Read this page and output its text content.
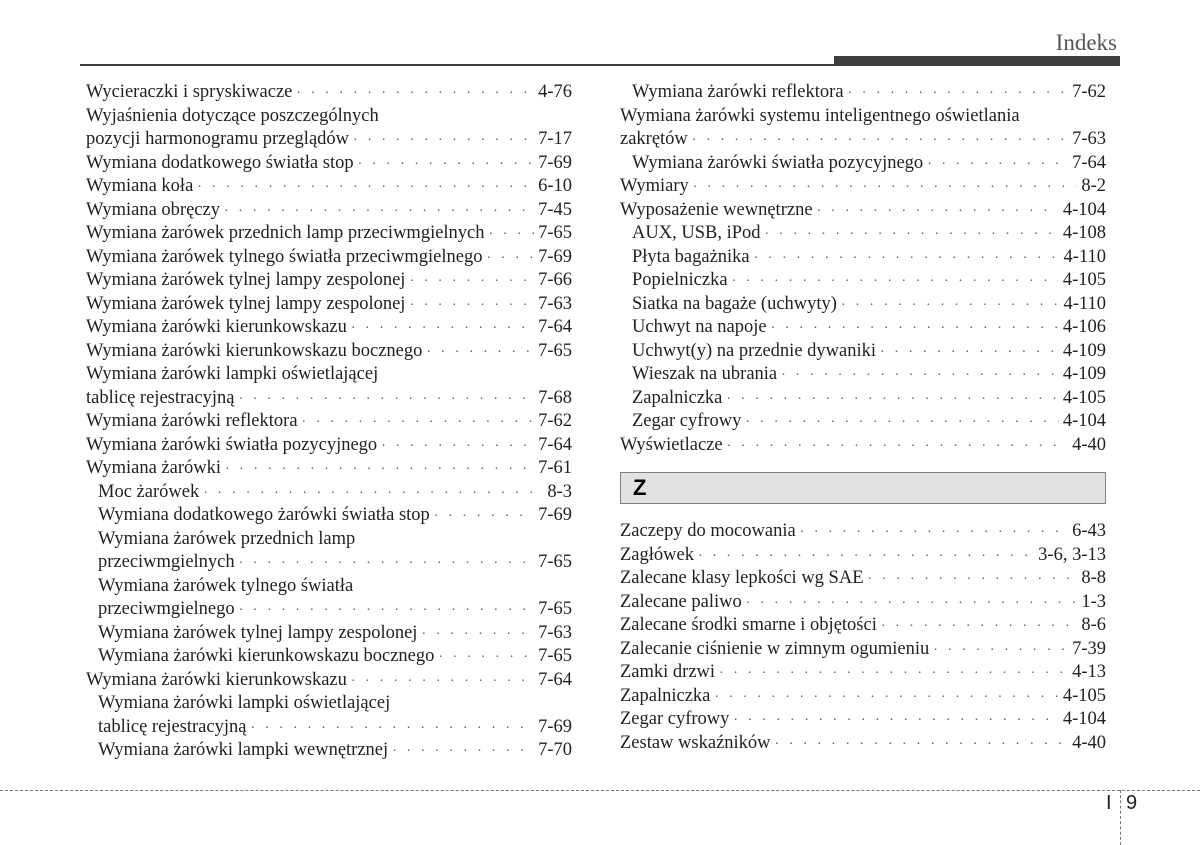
Indeks
Wycieraczki i spryskiwacze · · ·	4-76
Wyjaśnienia dotyczące poszczególnych
pozycji harmonogramu przeglądów · · ·	7-17
Wymiana dodatkowego światła stop · · ·	7-69
Wymiana koła · · ·	6-10
Wymiana obręczy · · ·	7-45
Wymiana żarówek przednich lamp przeciwmgielnych · · ·	7-65
Wymiana żarówek tylnego światła przeciwmgielnego · · ·	7-69
Wymiana żarówek tylnej lampy zespolonej · · ·	7-66
Wymiana żarówek tylnej lampy zespolonej · · ·	7-63
Wymiana żarówki kierunkowskazu · · ·	7-64
Wymiana żarówki kierunkowskazu bocznego · · ·	7-65
Wymiana żarówki lampki oświetlającej
tablicę rejestracyjną · · ·	7-68
Wymiana żarówki reflektora · · ·	7-62
Wymiana żarówki światła pozycyjnego · · ·	7-64
Wymiana żarówki · · ·	7-61
Moc żarówek · · ·	8-3
Wymiana dodatkowego żarówki światła stop · · ·	7-69
Wymiana żarówek przednich lamp
przeciwmgielnych · · ·	7-65
Wymiana żarówek tylnego światła
przeciwmgielnego · · ·	7-65
Wymiana żarówek tylnej lampy zespolonej · · ·	7-63
Wymiana żarówki kierunkowskazu bocznego · · ·	7-65
Wymiana żarówki kierunkowskazu · · ·	7-64
Wymiana żarówki lampki oświetlającej
tablicę rejestracyjną · · ·	7-69
Wymiana żarówki lampki wewnętrznej · · ·	7-70
Wymiana żarówki reflektora · · ·	7-62
Wymiana żarówki systemu inteligentnego oświetlania
zakrętów · · ·	7-63
Wymiana żarówki światła pozycyjnego · · ·	7-64
Wymiary · · ·	8-2
Wyposażenie wewnętrzne · · ·	4-104
AUX, USB, iPod · · ·	4-108
Płyta bagażnika · · ·	4-110
Popielniczka · · ·	4-105
Siatka na bagaże (uchwyty) · · ·	4-110
Uchwyt na napoje · · ·	4-106
Uchwyt(y) na przednie dywaniki · · ·	4-109
Wieszak na ubrania · · ·	4-109
Zapalniczka · · ·	4-105
Zegar cyfrowy · · ·	4-104
Wyświetlacze · · ·	4-40
Z
Zaczepy do mocowania · · ·	6-43
Zagłówek · · ·	3-6, 3-13
Zalecane klasy lepkości wg SAE · · ·	8-8
Zalecane paliwo · · ·	1-3
Zalecane środki smarne i objętości · · ·	8-6
Zalecanie ciśnienie w zimnym ogumieniu · · ·	7-39
Zamki drzwi · · ·	4-13
Zapalniczka · · ·	4-105
Zegar cyfrowy · · ·	4-104
Zestaw wskaźników · · ·	4-40
I 9
